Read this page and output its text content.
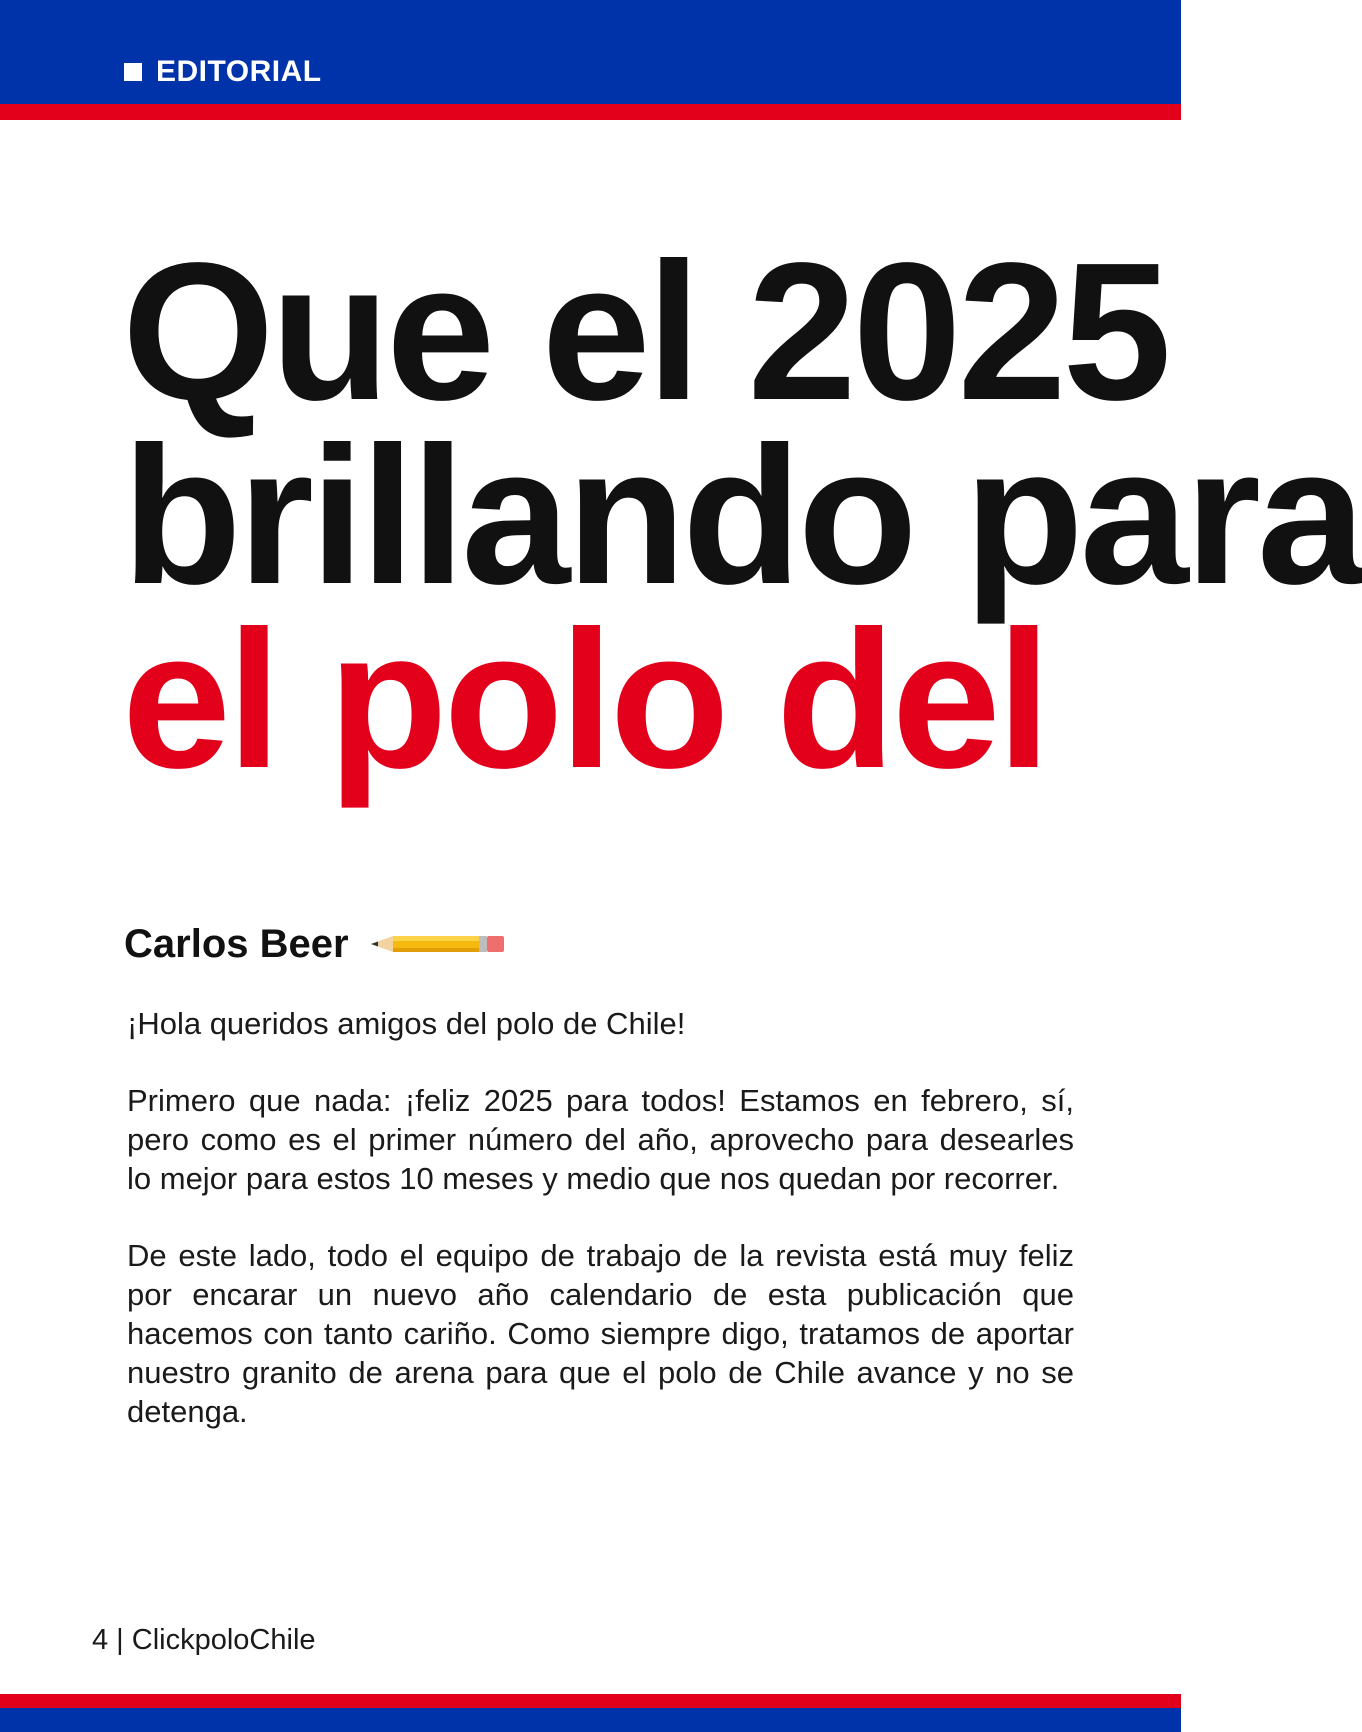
EDITORIAL
Que el 2025
brillando para
el polo del
Carlos Beer

¡Hola queridos amigos del polo de Chile!

Primero que nada: ¡feliz 2025 para todos! Estamos en febrero, sí, pero como es el primer número del año, aprovecho para desearles lo mejor para estos 10 meses y medio que nos quedan por recorrer.

De este lado, todo el equipo de trabajo de la revista está muy feliz por encarar un nuevo año calendario de esta publicación que hacemos con tanto cariño. Como siempre digo, tratamos de aportar nuestro granito de arena para que el polo de Chile avance y no se detenga.

4 | ClickpoloChile
